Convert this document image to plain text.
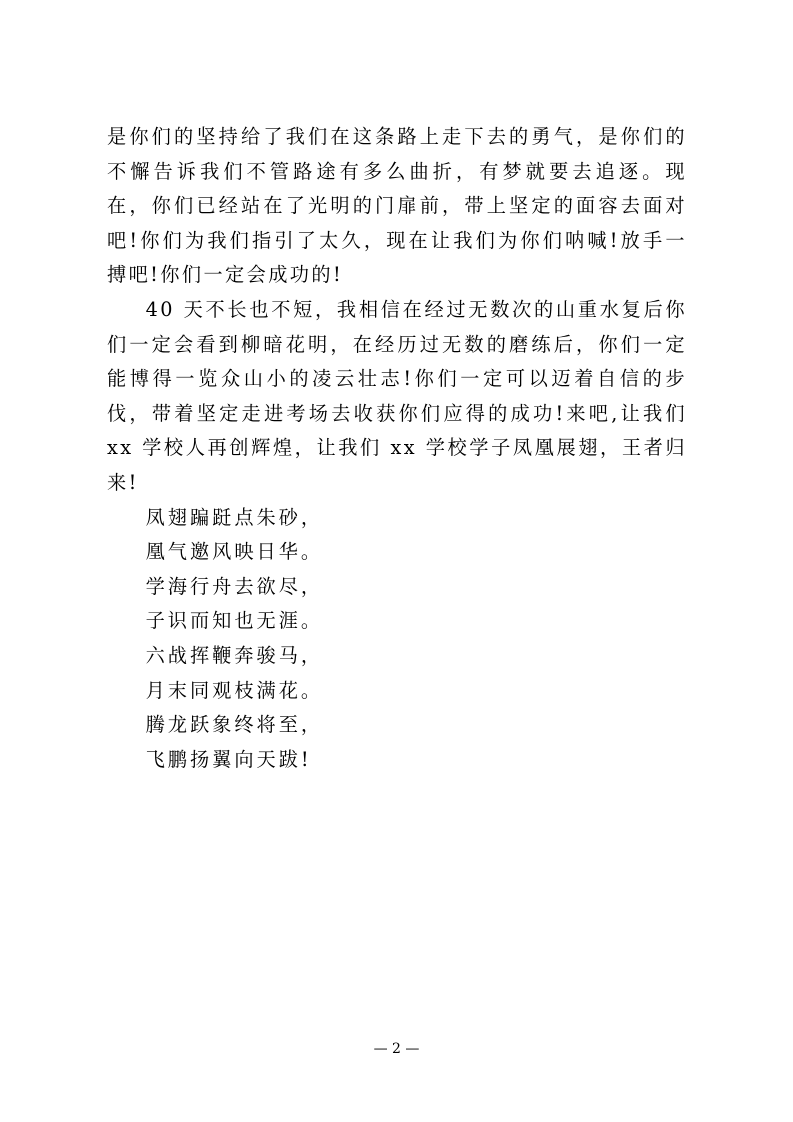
是你们的坚持给了我们在这条路上走下去的勇气，是你们的不懈告诉我们不管路途有多么曲折，有梦就要去追逐。现在，你们已经站在了光明的门扉前，带上坚定的面容去面对吧!你们为我们指引了太久，现在让我们为你们呐喊!放手一搏吧!你们一定会成功的!

40 天不长也不短，我相信在经过无数次的山重水复后你们一定会看到柳暗花明，在经历过无数的磨练后，你们一定能博得一览众山小的凌云壮志!你们一定可以迈着自信的步伐，带着坚定走进考场去收获你们应得的成功!来吧,让我们 xx 学校人再创辉煌，让我们 xx 学校学子凤凰展翅，王者归来!

凤翅蹁跹点朱砂，
凰气邀风映日华。
学海行舟去欲尽，
子识而知也无涯。
六战挥鞭奔骏马，
月末同观枝满花。
腾龙跃象终将至，
飞鹏扬翼向天跋!
— 2 —
